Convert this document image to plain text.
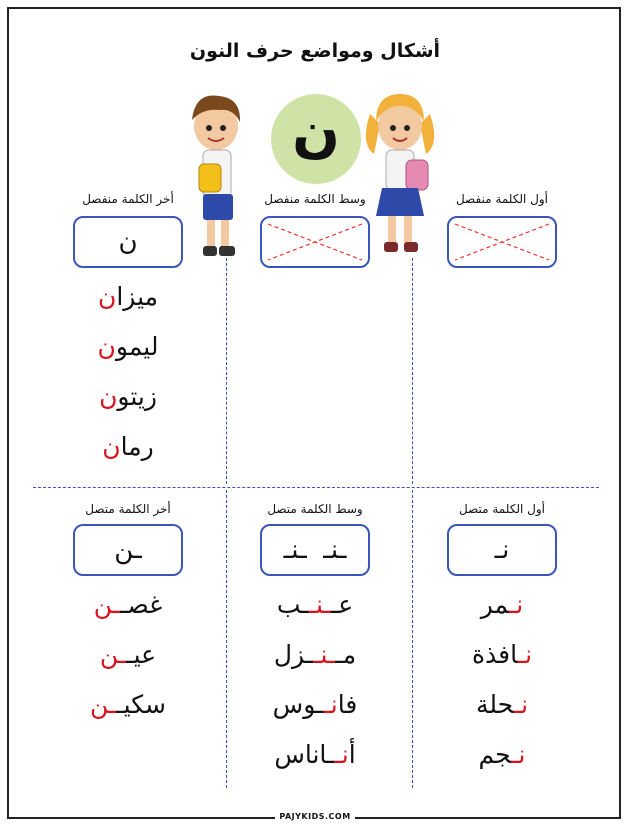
أشكال ومواضع حرف النون
ن
أول الكلمة منفصل
وسط الكلمة منفصل
أخر الكلمة منفصل
ن
ميزان
ليمون
زيتون
رمان
أول الكلمة متصل
وسط الكلمة متصل
أخر الكلمة متصل
نـ
ـنـ  ـنـ
ـن
نـمر
نـافذة
نـحلة
نـجم
عــنــب
مــنــزل
فانــوس
أنــاناس
غصــن
عيــن
سكيــن
PAJYKIDS.COM
